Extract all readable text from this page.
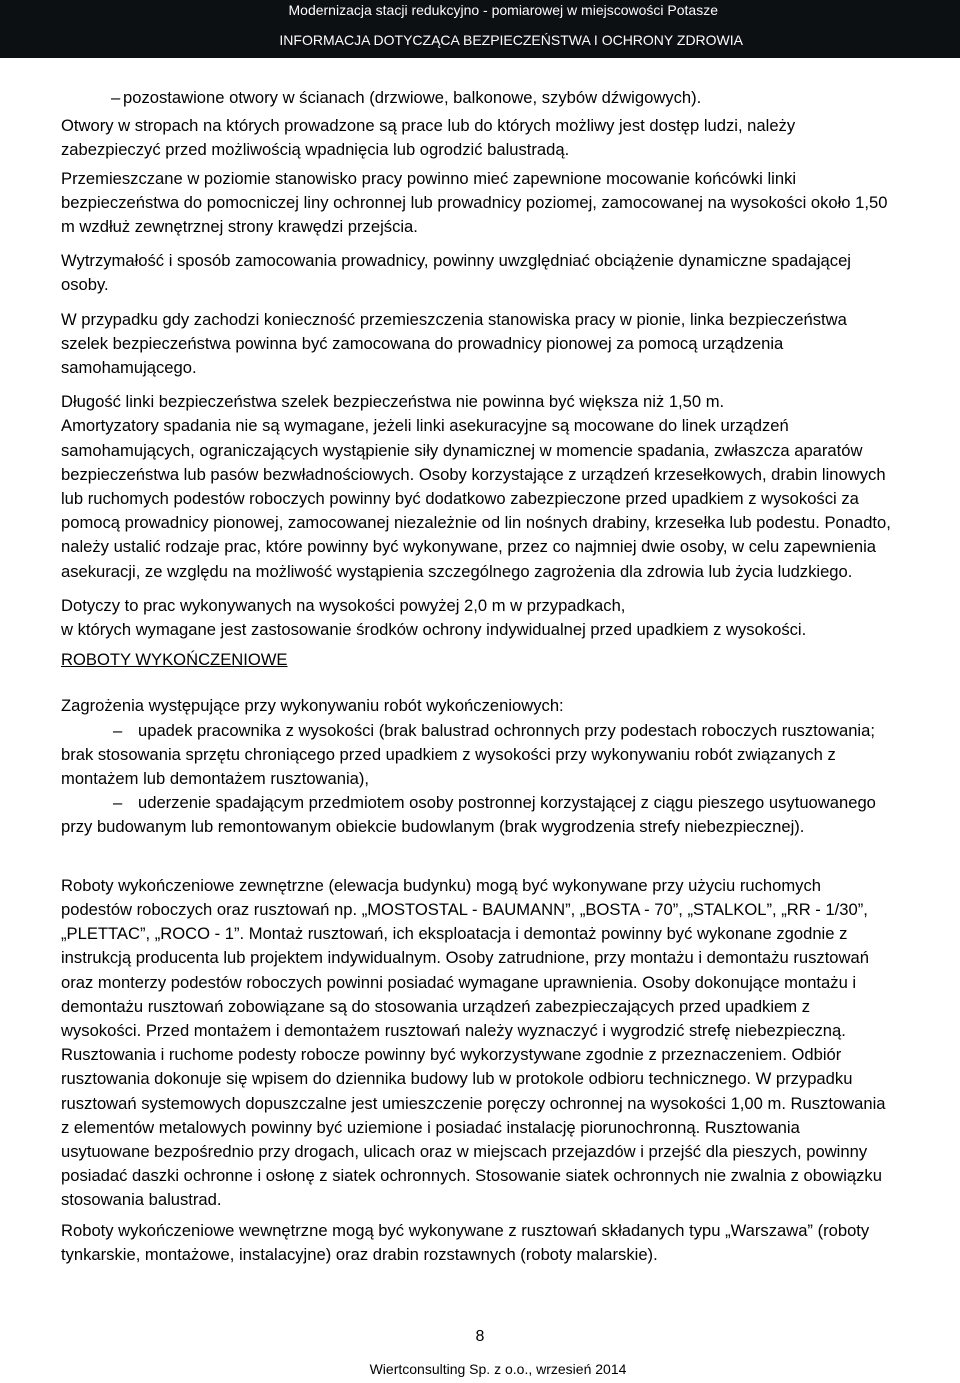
Modernizacja stacji redukcyjno - pomiarowej w miejscowości Potasze
INFORMACJA DOTYCZĄCA BEZPIECZEŃSTWA I OCHRONY ZDROWIA
– pozostawione otwory w ścianach (drzwiowe, balkonowe, szybów dźwigowych).
Otwory w stropach na których prowadzone są prace lub do których możliwy jest dostęp ludzi, należy zabezpieczyć przed możliwością wpadnięcia lub ogrodzić balustradą.
Przemieszczane w poziomie stanowisko pracy powinno mieć zapewnione mocowanie końcówki linki bezpieczeństwa do pomocniczej liny ochronnej lub prowadnicy poziomej, zamocowanej na wysokości około 1,50 m wzdłuż zewnętrznej strony krawędzi przejścia.
Wytrzymałość i sposób zamocowania prowadnicy, powinny uwzględniać obciążenie dynamiczne spadającej osoby.
W przypadku gdy zachodzi konieczność przemieszczenia stanowiska pracy w pionie, linka bezpieczeństwa szelek bezpieczeństwa powinna być zamocowana do prowadnicy pionowej za pomocą urządzenia samohamującego.
Długość linki bezpieczeństwa szelek bezpieczeństwa nie powinna być większa niż 1,50 m.
Amortyzatory spadania nie są wymagane, jeżeli linki asekuracyjne są mocowane do linek urządzeń samohamujących, ograniczających wystąpienie siły dynamicznej w momencie spadania, zwłaszcza aparatów bezpieczeństwa lub pasów bezwładnościowych. Osoby korzystające z urządzeń krzesełkowych, drabin linowych lub ruchomych podestów roboczych powinny być dodatkowo zabezpieczone przed upadkiem z wysokości za pomocą prowadnicy pionowej, zamocowanej niezależnie od lin nośnych drabiny, krzesełka lub podestu. Ponadto, należy ustalić rodzaje prac, które powinny być wykonywane, przez co najmniej dwie osoby, w celu zapewnienia asekuracji, ze względu na możliwość wystąpienia szczególnego zagrożenia dla zdrowia lub życia ludzkiego.
Dotyczy to prac wykonywanych na wysokości powyżej 2,0 m w przypadkach,
w których wymagane jest zastosowanie środków ochrony indywidualnej przed upadkiem z wysokości.
ROBOTY WYKOŃCZENIOWE
Zagrożenia występujące przy wykonywaniu robót wykończeniowych:
– upadek pracownika z wysokości (brak balustrad ochronnych przy podestach roboczych rusztowania; brak stosowania sprzętu chroniącego przed upadkiem z wysokości przy wykonywaniu robót związanych z montażem lub demontażem rusztowania),
– uderzenie spadającym przedmiotem osoby postronnej korzystającej z ciągu pieszego usytuowanego przy budowanym lub remontowanym obiekcie budowlanym (brak wygrodzenia strefy niebezpiecznej).
Roboty wykończeniowe zewnętrzne (elewacja budynku) mogą być wykonywane przy użyciu ruchomych podestów roboczych oraz rusztowań np. „MOSTOSTAL - BAUMANN”, „BOSTA - 70”, „STALKOL”, „RR - 1/30”, „PLETTAC”, „ROCO - 1”. Montaż rusztowań, ich eksploatacja i demontaż powinny być wykonane zgodnie z instrukcją producenta lub projektem indywidualnym. Osoby zatrudnione, przy montażu i demontażu rusztowań oraz monterzy podestów roboczych powinni posiadać wymagane uprawnienia. Osoby dokonujące montażu i demontażu rusztowań zobowiązane są do stosowania urządzeń zabezpieczających przed upadkiem z wysokości. Przed montażem i demontażem rusztowań należy wyznaczyć i wygrodzić strefę niebezpieczną. Rusztowania i ruchome podesty robocze powinny być wykorzystywane zgodnie z przeznaczeniem. Odbiór rusztowania dokonuje się wpisem do dziennika budowy lub w protokole odbioru technicznego. W przypadku rusztowań systemowych dopuszczalne jest umieszczenie poręczy ochronnej na wysokości 1,00 m. Rusztowania z elementów metalowych powinny być uziemione i posiadać instalację piorunochronną. Rusztowania usytuowane bezpośrednio przy drogach, ulicach oraz w miejscach przejazdów i przejść dla pieszych, powinny posiadać daszki ochronne i osłonę z siatek ochronnych. Stosowanie siatek ochronnych nie zwalnia z obowiązku stosowania balustrad.
Roboty wykończeniowe wewnętrzne mogą być wykonywane z rusztowań składanych typu „Warszawa” (roboty tynkarskie, montażowe, instalacyjne) oraz drabin rozstawnych (roboty malarskie).
8
Wiertconsulting Sp. z o.o., wrzesień 2014
